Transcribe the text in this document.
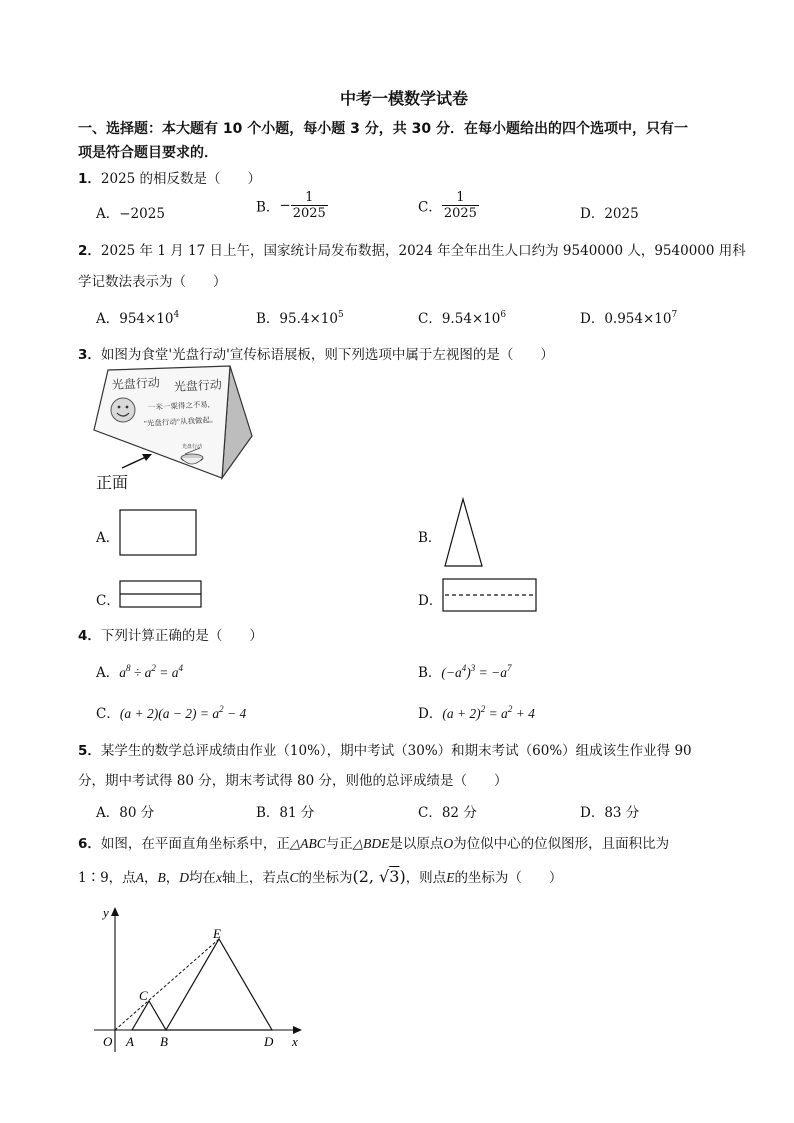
中考一模数学试卷
一、选择题：本大题有 10 个小题，每小题 3 分，共 30 分．在每小题给出的四个选项中，只有一
项是符合题目要求的．
1．2025 的相反数是（　　）
A．−2025	B．− $\frac{1}{2025}$	C． $\frac{1}{2025}$	D．2025
2．2025 年 1 月 17 日上午，国家统计局发布数据，2024 年全年出生人口约为 9540000 人，9540000 用科
学记数法表示为（　　）
A．$954\times 10^4$	B．$95.4\times 10^5$	C．$9.54\times 10^6$	D．$0.954\times 10^7$
3．如图为食堂'光盘行动'宣传标语展板，则下列选项中属于左视图的是（　　）
光盘行动 光盘行动
一米一粟得之不易,
"光盘行动"从我做起。
光盘行动
正面
A．	B．
C．	D．
4．下列计算正确的是（　　）
A．$a^8 \div a^2 = a^4$	B．$(-a^4)^3 = -a^7$
C．$(a + 2)(a - 2) = a^2 - 4$	D．$(a + 2)^2 = a^2 + 4$
5．某学生的数学总评成绩由作业（10%），期中考试（30%）和期末考试（60%）组成该生作业得 90
分，期中考试得 80 分，期末考试得 80 分，则他的总评成绩是（　　）
A．80 分	B．81 分	C．82 分	D．83 分
6．如图，在平面直角坐标系中，正△ABC与正△BDE是以原点O为位似中心的位似图形，且面积比为
1∶9，点A，B，D均在x轴上，若点C的坐标为(2, √3)，则点E的坐标为（　　）
y
x
O A B
C
D
E
